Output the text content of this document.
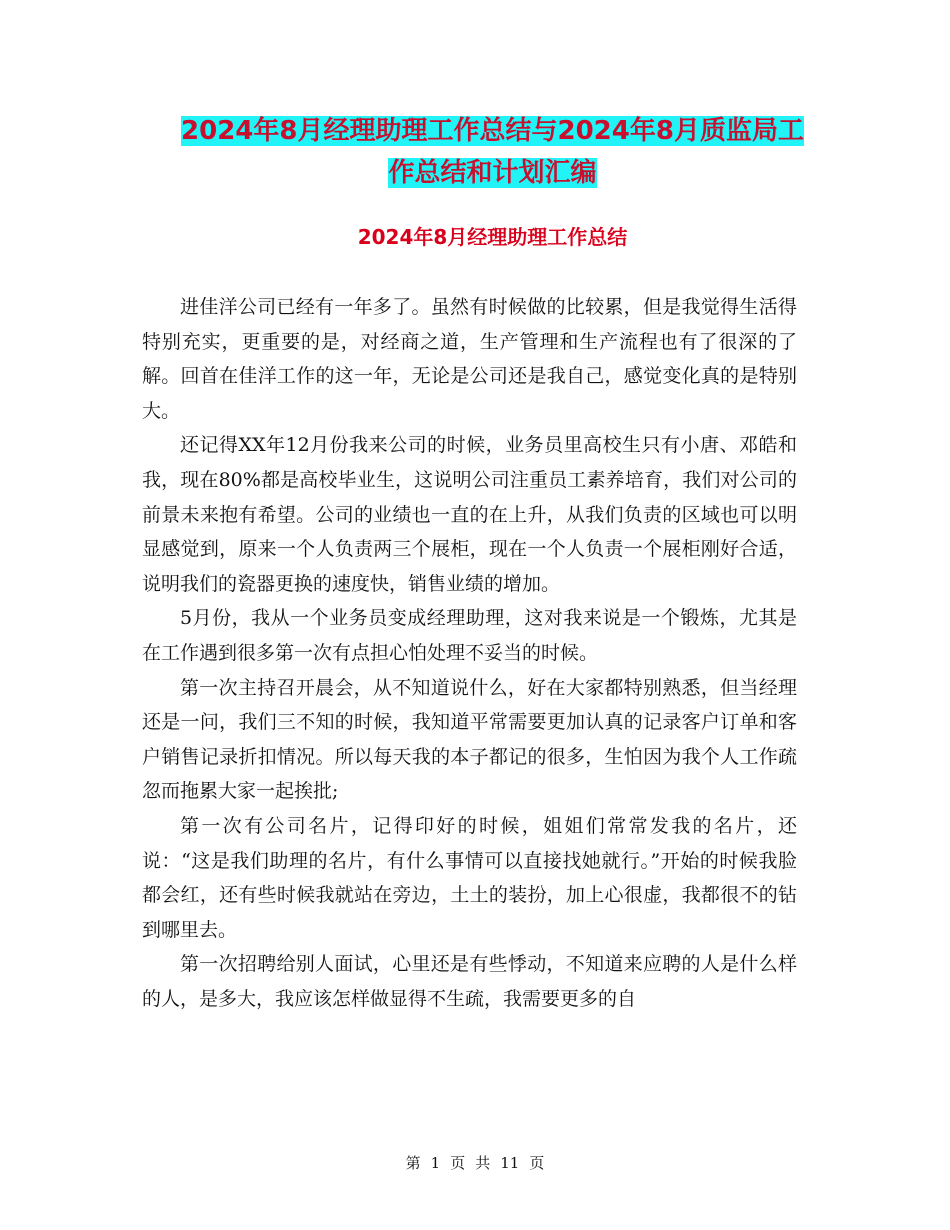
2024年8月经理助理工作总结与2024年8月质监局工
作总结和计划汇编
2024年8月经理助理工作总结

进佳洋公司已经有一年多了。虽然有时候做的比较累，但是我觉得生活得特别充实，更重要的是，对经商之道，生产管理和生产流程也有了很深的了解。回首在佳洋工作的这一年，无论是公司还是我自己，感觉变化真的是特别大。

还记得XX年12月份我来公司的时候，业务员里高校生只有小唐、邓皓和我，现在80%都是高校毕业生，这说明公司注重员工素养培育，我们对公司的前景未来抱有希望。公司的业绩也一直的在上升，从我们负责的区域也可以明显感觉到，原来一个人负责两三个展柜，现在一个人负责一个展柜刚好合适，说明我们的瓷器更换的速度快，销售业绩的增加。

5月份，我从一个业务员变成经理助理，这对我来说是一个锻炼，尤其是在工作遇到很多第一次有点担心怕处理不妥当的时候。

第一次主持召开晨会，从不知道说什么，好在大家都特别熟悉，但当经理还是一问，我们三不知的时候，我知道平常需要更加认真的记录客户订单和客户销售记录折扣情况。所以每天我的本子都记的很多，生怕因为我个人工作疏忽而拖累大家一起挨批;

第一次有公司名片，记得印好的时候，姐姐们常常发我的名片，还说：“这是我们助理的名片，有什么事情可以直接找她就行。”开始的时候我脸都会红，还有些时候我就站在旁边，土土的装扮，加上心很虚，我都很不的钻到哪里去。

第一次招聘给别人面试，心里还是有些悸动，不知道来应聘的人是什么样的人，是多大，我应该怎样做显得不生疏，我需要更多的自

第 1 页 共 11 页
